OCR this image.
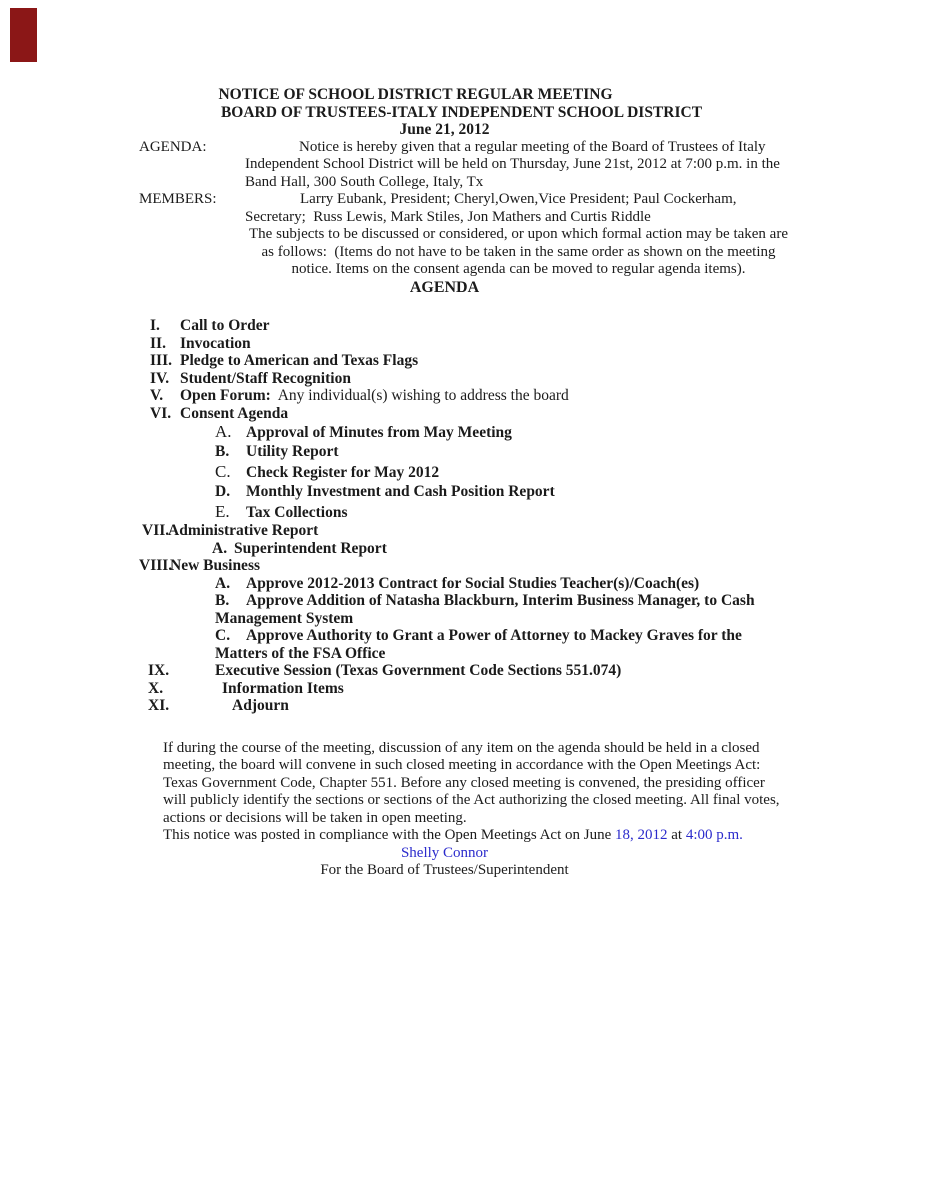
NOTICE OF SCHOOL DISTRICT REGULAR MEETING
BOARD OF TRUSTEES-ITALY INDEPENDENT SCHOOL DISTRICT
June 21, 2012
AGENDA:	Notice is hereby given that a regular meeting of the Board of Trustees of Italy
Independent School District will be held on Thursday, June 21st, 2012 at 7:00 p.m. in the
Band Hall, 300 South College, Italy, Tx
MEMBERS:	Larry Eubank, President; Cheryl,Owen,Vice President; Paul Cockerham,
Secretary;  Russ Lewis, Mark Stiles, Jon Mathers and Curtis Riddle
The subjects to be discussed or considered, or upon which formal action may be taken are
as follows:  (Items do not have to be taken in the same order as shown on the meeting
notice. Items on the consent agenda can be moved to regular agenda items).
AGENDA
I. Call to Order
II. Invocation
III. Pledge to American and Texas Flags
IV. Student/Staff Recognition
V. Open Forum:  Any individual(s) wishing to address the board
VI. Consent Agenda
A. Approval of Minutes from May Meeting
B. Utility Report
C. Check Register for May 2012
D. Monthly Investment and Cash Position Report
E. Tax Collections
VII.Administrative Report
A. Superintendent Report
VIII.New Business
A. Approve 2012-2013 Contract for Social Studies Teacher(s)/Coach(es)
B. Approve Addition of Natasha Blackburn, Interim Business Manager, to Cash
Management System
C. Approve Authority to Grant a Power of Attorney to Mackey Graves for the
Matters of the FSA Office
IX.	Executive Session (Texas Government Code Sections 551.074)
X.	Information Items
XI.	Adjourn
If during the course of the meeting, discussion of any item on the agenda should be held in a closed
meeting, the board will convene in such closed meeting in accordance with the Open Meetings Act:
Texas Government Code, Chapter 551. Before any closed meeting is convened, the presiding officer
will publicly identify the sections or sections of the Act authorizing the closed meeting. All final votes,
actions or decisions will be taken in open meeting.
This notice was posted in compliance with the Open Meetings Act on June 18, 2012 at 4:00 p.m.
Shelly Connor
For the Board of Trustees/Superintendent
